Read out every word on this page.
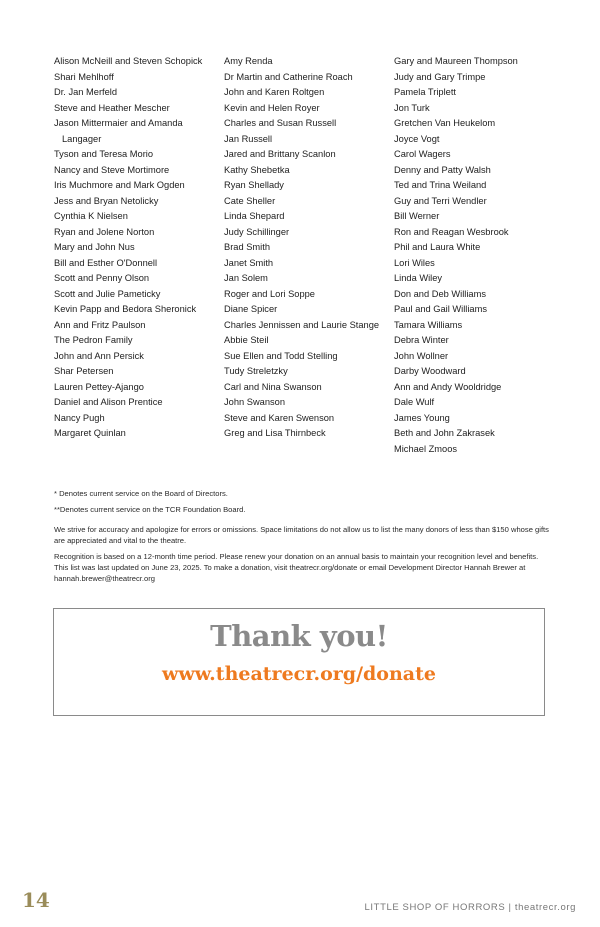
Alison McNeill and Steven Schopick
Shari Mehlhoff
Dr. Jan Merfeld
Steve and Heather Mescher
Jason Mittermaier and Amanda Langager
Tyson and Teresa Morio
Nancy and Steve Mortimore
Iris Muchmore and Mark Ogden
Jess and Bryan Netolicky
Cynthia K Nielsen
Ryan and Jolene Norton
Mary and John Nus
Bill and Esther O'Donnell
Scott and Penny Olson
Scott and Julie Pameticky
Kevin Papp and Bedora Sheronick
Ann and Fritz Paulson
The Pedron Family
John and Ann Persick
Shar Petersen
Lauren Pettey-Ajango
Daniel and Alison Prentice
Nancy Pugh
Margaret Quinlan
Amy Renda
Dr Martin and Catherine Roach
John and Karen Roltgen
Kevin and Helen Royer
Charles and Susan Russell
Jan Russell
Jared and Brittany Scanlon
Kathy Shebetka
Ryan Shellady
Cate Sheller
Linda Shepard
Judy Schillinger
Brad Smith
Janet Smith
Jan Solem
Roger and Lori Soppe
Diane Spicer
Charles Jennissen and Laurie Stange
Abbie Steil
Sue Ellen and Todd Stelling
Tudy Streletzky
Carl and Nina Swanson
John Swanson
Steve and Karen Swenson
Greg and Lisa Thirnbeck
Gary and Maureen Thompson
Judy and Gary Trimpe
Pamela Triplett
Jon Turk
Gretchen Van Heukelom
Joyce Vogt
Carol Wagers
Denny and Patty Walsh
Ted and Trina Weiland
Guy and Terri Wendler
Bill Werner
Ron and Reagan Wesbrook
Phil and Laura White
Lori Wiles
Linda Wiley
Don and Deb Williams
Paul and Gail Williams
Tamara Williams
Debra Winter
John Wollner
Darby Woodward
Ann and Andy Wooldridge
Dale Wulf
James Young
Beth and John Zakrasek
Michael Zmoos

* Denotes current service on the Board of Directors.

**Denotes current service on the TCR Foundation Board.

We strive for accuracy and apologize for errors or omissions. Space limitations do not allow us to list the many donors of less than $150 whose gifts are appreciated and vital to the theatre.

Recognition is based on a 12-month time period. Please renew your donation on an annual basis to maintain your recognition level and benefits. This list was last updated on June 23, 2025. To make a donation, visit theatrecr.org/donate or email Development Director Hannah Brewer at hannah.brewer@theatrecr.org

Thank you!
www.theatrecr.org/donate
14	LITTLE SHOP OF HORRORS | theatrecr.org
